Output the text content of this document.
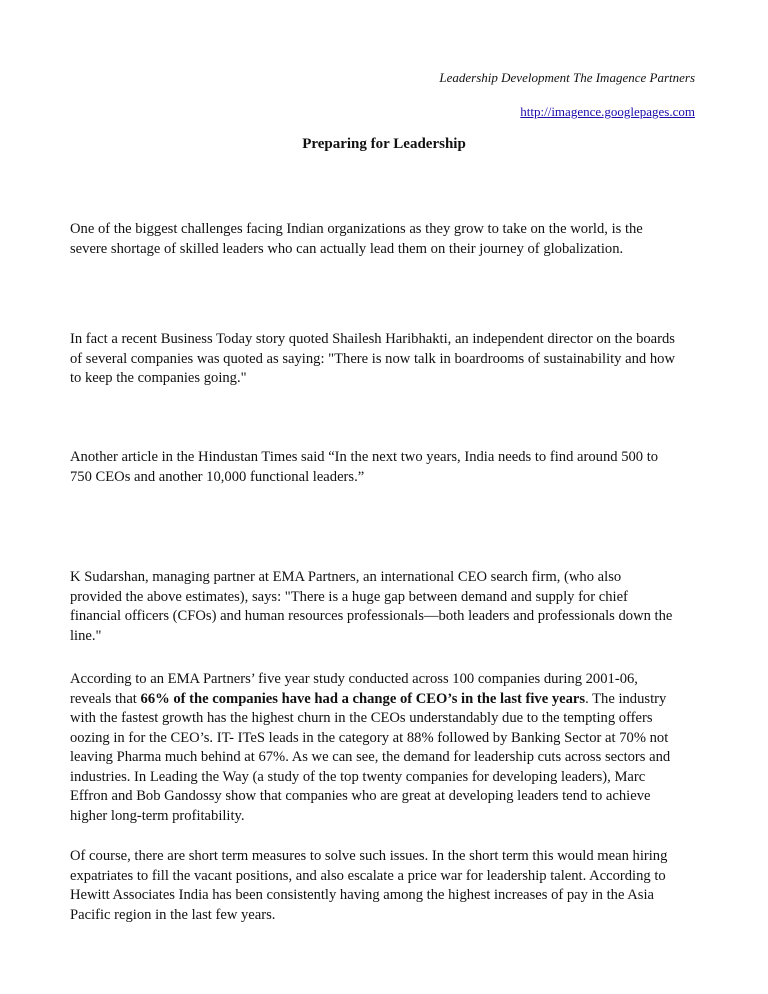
Leadership Development The Imagence Partners
http://imagence.googlepages.com
Preparing for Leadership
One of the biggest challenges facing Indian organizations as they grow to take on the world, is the
severe shortage of skilled leaders who can actually lead them on their journey of globalization.
In fact a recent Business Today story quoted Shailesh Haribhakti, an independent director on the boards
of several companies was quoted as saying: "There is now talk in boardrooms of sustainability and how
to keep the companies going."
Another article in the Hindustan Times said “In the next two years, India needs to find around 500 to
750 CEOs and another 10,000 functional leaders.”
K Sudarshan, managing partner at EMA Partners, an international CEO search firm, (who also
provided the above estimates), says: "There is a huge gap between demand and supply for chief
financial officers (CFOs) and human resources professionals—both leaders and professionals down the
line."
According to an EMA Partners’ five year study conducted across 100 companies during 2001-06,
reveals that 66% of the companies have had a change of CEO’s in the last five years. The industry
with the fastest growth has the highest churn in the CEOs understandably due to the tempting offers
oozing in for the CEO’s. IT- ITeS leads in the category at 88% followed by Banking Sector at 70% not
leaving Pharma much behind at 67%. As we can see, the demand for leadership cuts across sectors and
industries. In Leading the Way (a study of the top twenty companies for developing leaders), Marc
Effron and Bob Gandossy show that companies who are great at developing leaders tend to achieve
higher long-term profitability.
Of course, there are short term measures to solve such issues. In the short term this would mean hiring
expatriates to fill the vacant positions, and also escalate a price war for leadership talent. According to
Hewitt Associates India has been consistently having among the highest increases of pay in the Asia
Pacific region in the last few years.
